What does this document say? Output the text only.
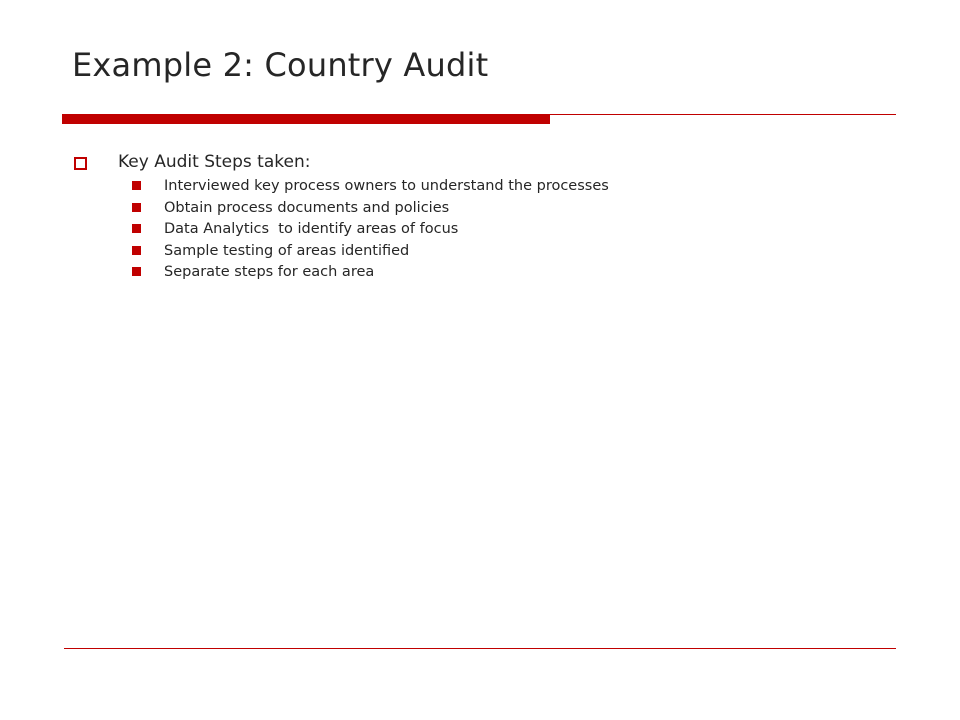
Example 2: Country Audit
Key Audit Steps taken:
Interviewed key process owners to understand the processes
Obtain process documents and policies
Data Analytics  to identify areas of focus
Sample testing of areas identified
Separate steps for each area
